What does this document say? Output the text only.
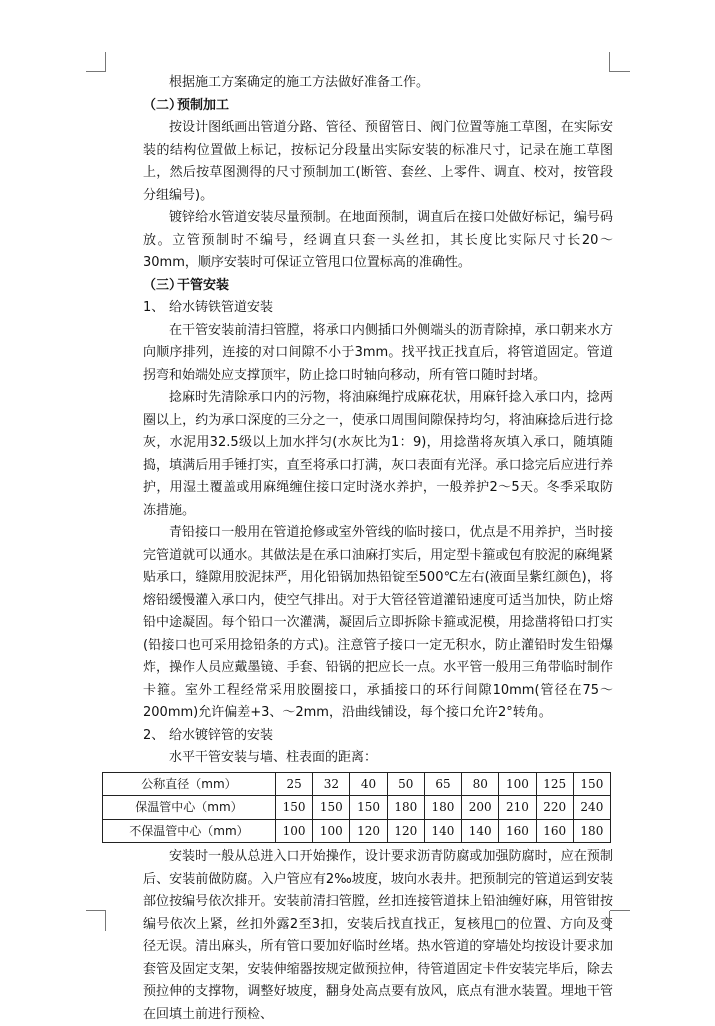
根据施工方案确定的施工方法做好准备工作。

（二）预制加工

按设计图纸画出管道分路、管径、预留管日、阀门位置等施工草图，在实际安装的结构位置做上标记，按标记分段量出实际安装的标准尺寸，记录在施工草图上，然后按草图测得的尺寸预制加工(断管、套丝、上零件、调直、校对，按管段分组编号)。

镀锌给水管道安装尽量预制。在地面预制，调直后在接口处做好标记，编号码放。立管预制时不编号，经调直只套一头丝扣，其长度比实际尺寸长20～30mm，顺序安装时可保证立管甩口位置标高的准确性。

（三）干管安装

1、 给水铸铁管道安装

在干管安装前清扫管膛，将承口内侧插口外侧端头的沥青除掉，承口朝来水方向顺序排列，连接的对口间隙不小于3mm。找平找正找直后，将管道固定。管道拐弯和始端处应支撑顶牢，防止捻口时轴向移动，所有管口随时封堵。

捻麻时先清除承口内的污物，将油麻绳拧成麻花状，用麻钎捻入承口内，捻两圈以上，约为承口深度的三分之一，使承口周围间隙保持均匀，将油麻捻后进行捻灰，水泥用32.5级以上加水拌匀(水灰比为1：9)，用捻凿将灰填入承口，随填随捣，填满后用手锤打实，直至将承口打满，灰口表面有光泽。承口捻完后应进行养护，用湿土覆盖或用麻绳缠住接口定时浇水养护，一般养护2～5天。冬季采取防冻措施。

青铅接口一般用在管道抢修或室外管线的临时接口，优点是不用养护，当时接完管道就可以通水。其做法是在承口油麻打实后，用定型卡箍或包有胶泥的麻绳紧贴承口，缝隙用胶泥抹严，用化铅锅加热铅锭至500℃左右(液面呈紫红颜色)，将熔铅缓慢灌入承口内，使空气排出。对于大管径管道灌铅速度可适当加快，防止熔铅中途凝固。每个铅口一次灌满，凝固后立即拆除卡箍或泥模，用捻凿将铅口打实(铅接口也可采用捻铅条的方式)。注意管子接口一定无积水，防止灌铅时发生铅爆炸，操作人员应戴墨镜、手套、铅锅的把应长一点。水平管一般用三角带临时制作卡箍。室外工程经常采用胶圈接口，承插接口的环行间隙10mm(管径在75～200mm)允许偏差+3、～2mm，沿曲线铺设，每个接口允许2°转角。

2、 给水镀锌管的安装

水平干管安装与墙、柱表面的距离：

公称直径（mm）	25	32	40	50	65	80	100	125	150
保温管中心（mm）	150	150	150	180	180	200	210	220	240
不保温管中心（mm）	100	100	120	120	140	140	160	160	180

安装时一般从总进入口开始操作，设计要求沥青防腐或加强防腐时，应在预制后、安装前做防腐。入户管应有2‰坡度，坡向水表井。把预制完的管道运到安装部位按编号依次排开。安装前清扫管膛，丝扣连接管道抹上铅油缠好麻，用管钳按编号依次上紧，丝扣外露2至3扣，安装后找直找正，复核甩□的位置、方向及变径无误。清出麻头，所有管口要加好临时丝堵。热水管道的穿墙处均按设计要求加套管及固定支架，安装伸缩器按规定做预拉伸，待管道固定卡件安装完毕后，除去预拉伸的支撑物，调整好坡度，翻身处高点要有放风，底点有泄水装置。埋地干管在回填土前进行预检、
